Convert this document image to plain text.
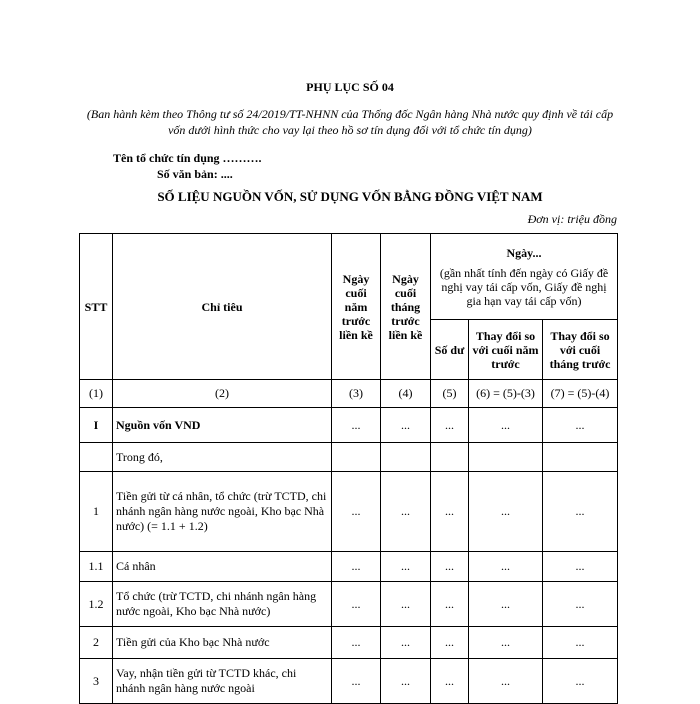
PHỤ LỤC SỐ 04
(Ban hành kèm theo Thông tư số 24/2019/TT-NHNN của Thống đốc Ngân hàng Nhà nước quy định về tái cấp vốn dưới hình thức cho vay lại theo hồ sơ tín dụng đối với tổ chức tín dụng)
Tên tổ chức tín dụng ……….
Số văn bản: ....
SỐ LIỆU NGUỒN VỐN, SỬ DỤNG VỐN BẰNG ĐỒNG VIỆT NAM
Đơn vị: triệu đồng
STT	Chỉ tiêu	Ngày cuối năm trước liền kề	Ngày cuối tháng trước liền kề	Ngày...
(gần nhất tính đến ngày có Giấy đề nghị vay tái cấp vốn, Giấy đề nghị gia hạn vay tái cấp vốn)		

				Số dư	Thay đổi so với cuối năm trước	Thay đổi so với cuối tháng trước
(1)	(2)	(3)	(4)	(5)	(6) = (5)-(3)	(7) = (5)-(4)
I	Nguồn vốn VND	...	...	...	...	...
	Trong đó,					
1	Tiền gửi từ cá nhân, tổ chức (trừ TCTD, chi nhánh ngân hàng nước ngoài, Kho bạc Nhà nước) (= 1.1 + 1.2)	...	...	...	...	...
1.1	Cá nhân	...	...	...	...	...
1.2	Tổ chức (trừ TCTD, chi nhánh ngân hàng nước ngoài, Kho bạc Nhà nước)	...	...	...	...	...
2	Tiền gửi của Kho bạc Nhà nước	...	...	...	...	...
3	Vay, nhận tiền gửi từ TCTD khác, chi nhánh ngân hàng nước ngoài	...	...	...	...	...
